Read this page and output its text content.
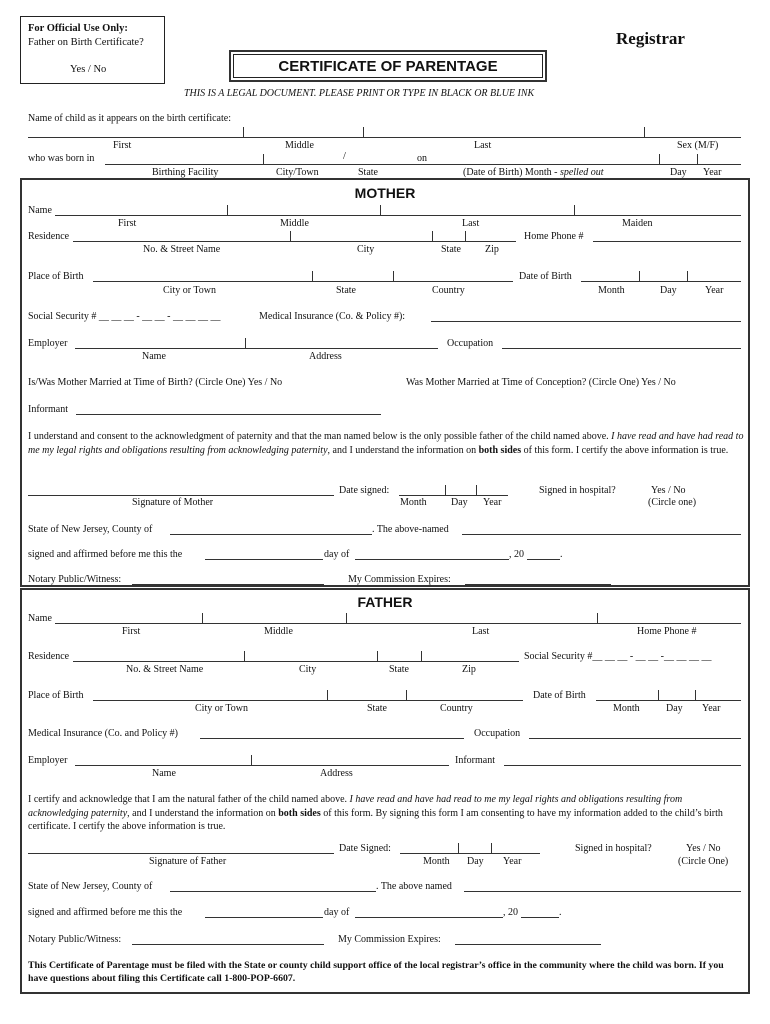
For Official Use Only:
Father on Birth Certificate?
Yes / No
Registrar
CERTIFICATE OF PARENTAGE
THIS IS A LEGAL DOCUMENT. PLEASE PRINT OR TYPE IN BLACK OR BLUE INK
Name of child as it appears on the birth certificate:
First	Middle	Last	Sex (M/F)
who was born in	/	on
Birthing Facility	City/Town	State	(Date of Birth) Month - spelled out	Day Year
MOTHER
Name
First	Middle	Last	Maiden
Residence	Home Phone #
No. & Street Name	City	State Zip
Place of Birth	Date of Birth
City or Town	State	Country	Month	Day	Year
Social Security # __ __ __ - __ __ - __ __ __ __	Medical Insurance (Co. & Policy #):
Employer	Occupation
Name	Address
Is/Was Mother Married at Time of Birth? (Circle One) Yes / No	Was Mother Married at Time of Conception? (Circle One) Yes / No
Informant
I understand and consent to the acknowledgment of paternity and that the man named below is the only possible father of the child named above. I have read and have had read to me my legal rights and obligations resulting from acknowledging paternity, and I understand the information on both sides of this form. I certify the above information is true.
Date signed:	Signed in hospital?	Yes / No
Signature of Mother	Month Day Year	(Circle one)
State of New Jersey, County of	. The above-named
signed and affirmed before me this the	day of	, 20	.
Notary Public/Witness:	My Commission Expires:
FATHER
Name
First	Middle	Last	Home Phone #
Residence	Social Security #__ __ __ - __ __ -__ __ __ __
No. & Street Name	City	State	Zip
Place of Birth	Date of Birth
City or Town	State	Country	Month	Day Year
Medical Insurance (Co. and Policy #)	Occupation
Employer	Informant
Name	Address
I certify and acknowledge that I am the natural father of the child named above. I have read and have had read to me my legal rights and obligations resulting from acknowledging paternity, and I understand the information on both sides of this form. By signing this form I am consenting to have my information added to the child’s birth certificate. I certify the above information is true.
Date Signed:	Signed in hospital?	Yes / No
Signature of Father	Month Day Year	(Circle One)
State of New Jersey, County of	. The above named
signed and affirmed before me this the	day of	, 20	.
Notary Public/Witness:	My Commission Expires:
This Certificate of Parentage must be filed with the State or county child support office of the local registrar’s office in the community where the child was born. If you have questions about filing this Certificate call 1-800-POP-6607.
